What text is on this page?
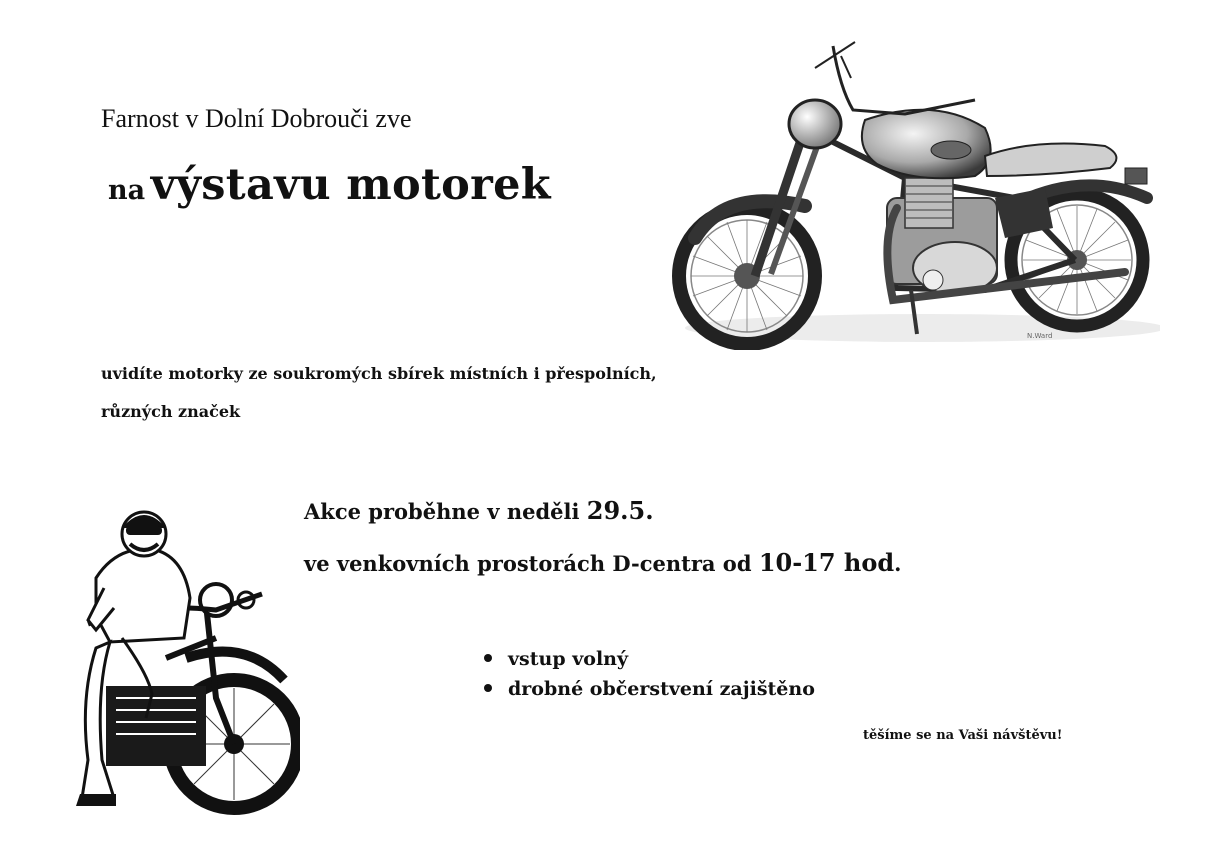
Farnost v Dolní Dobrouči zve
na výstavu motorek
N.Ward
uvidíte motorky ze soukromých sbírek místních i přespolních,
různých značek
Akce proběhne v neděli 29.5.
ve venkovních prostorách D-centra od 10-17 hod.
vstup volný
drobné občerstvení zajištěno
těšíme se na Vaši návštěvu!
